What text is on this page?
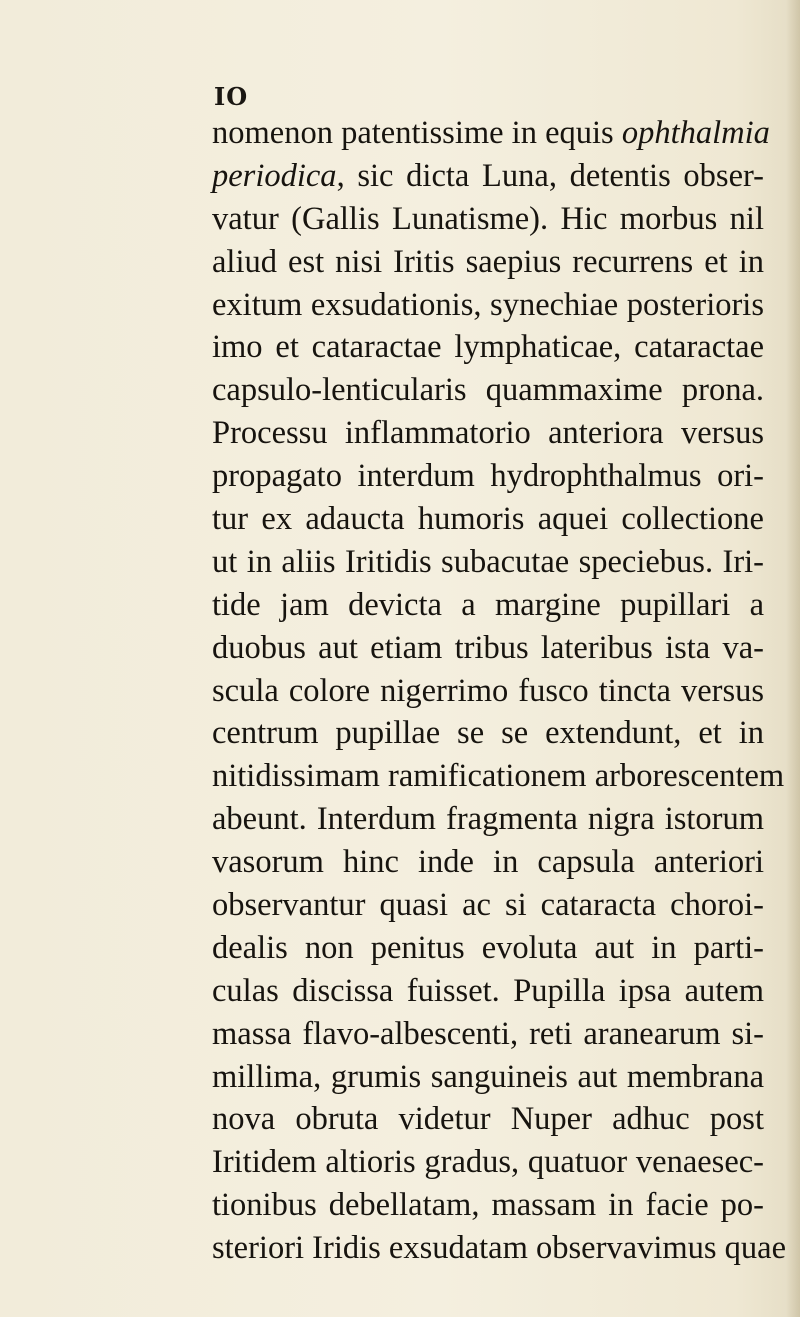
IO
nomenon patentissime in equis ophthalmia
periodica, sic dicta Luna, detentis obser-
vatur (Gallis Lunatisme). Hic morbus nil
aliud est nisi Iritis saepius recurrens et in
exitum exsudationis, synechiae posterioris
imo et cataractae lymphaticae, cataractae
capsulo-lenticularis quammaxime prona.
Processu inflammatorio anteriora versus
propagato interdum hydrophthalmus ori-
tur ex adaucta humoris aquei collectione
ut in aliis Iritidis subacutae speciebus. Iri-
tide jam devicta a margine pupillari a
duobus aut etiam tribus lateribus ista va-
scula colore nigerrimo fusco tincta versus
centrum pupillae se se extendunt, et in
nitidissimam ramificationem arborescentem
abeunt. Interdum fragmenta nigra istorum
vasorum hinc inde in capsula anteriori
observantur quasi ac si cataracta choroi-
dealis non penitus evoluta aut in parti-
culas discissa fuisset. Pupilla ipsa autem
massa flavo-albescenti, reti aranearum si-
millima, grumis sanguineis aut membrana
nova obruta videtur Nuper adhuc post
Iritidem altioris gradus, quatuor venaesec-
tionibus debellatam, massam in facie po-
steriori Iridis exsudatam observavimus quae
